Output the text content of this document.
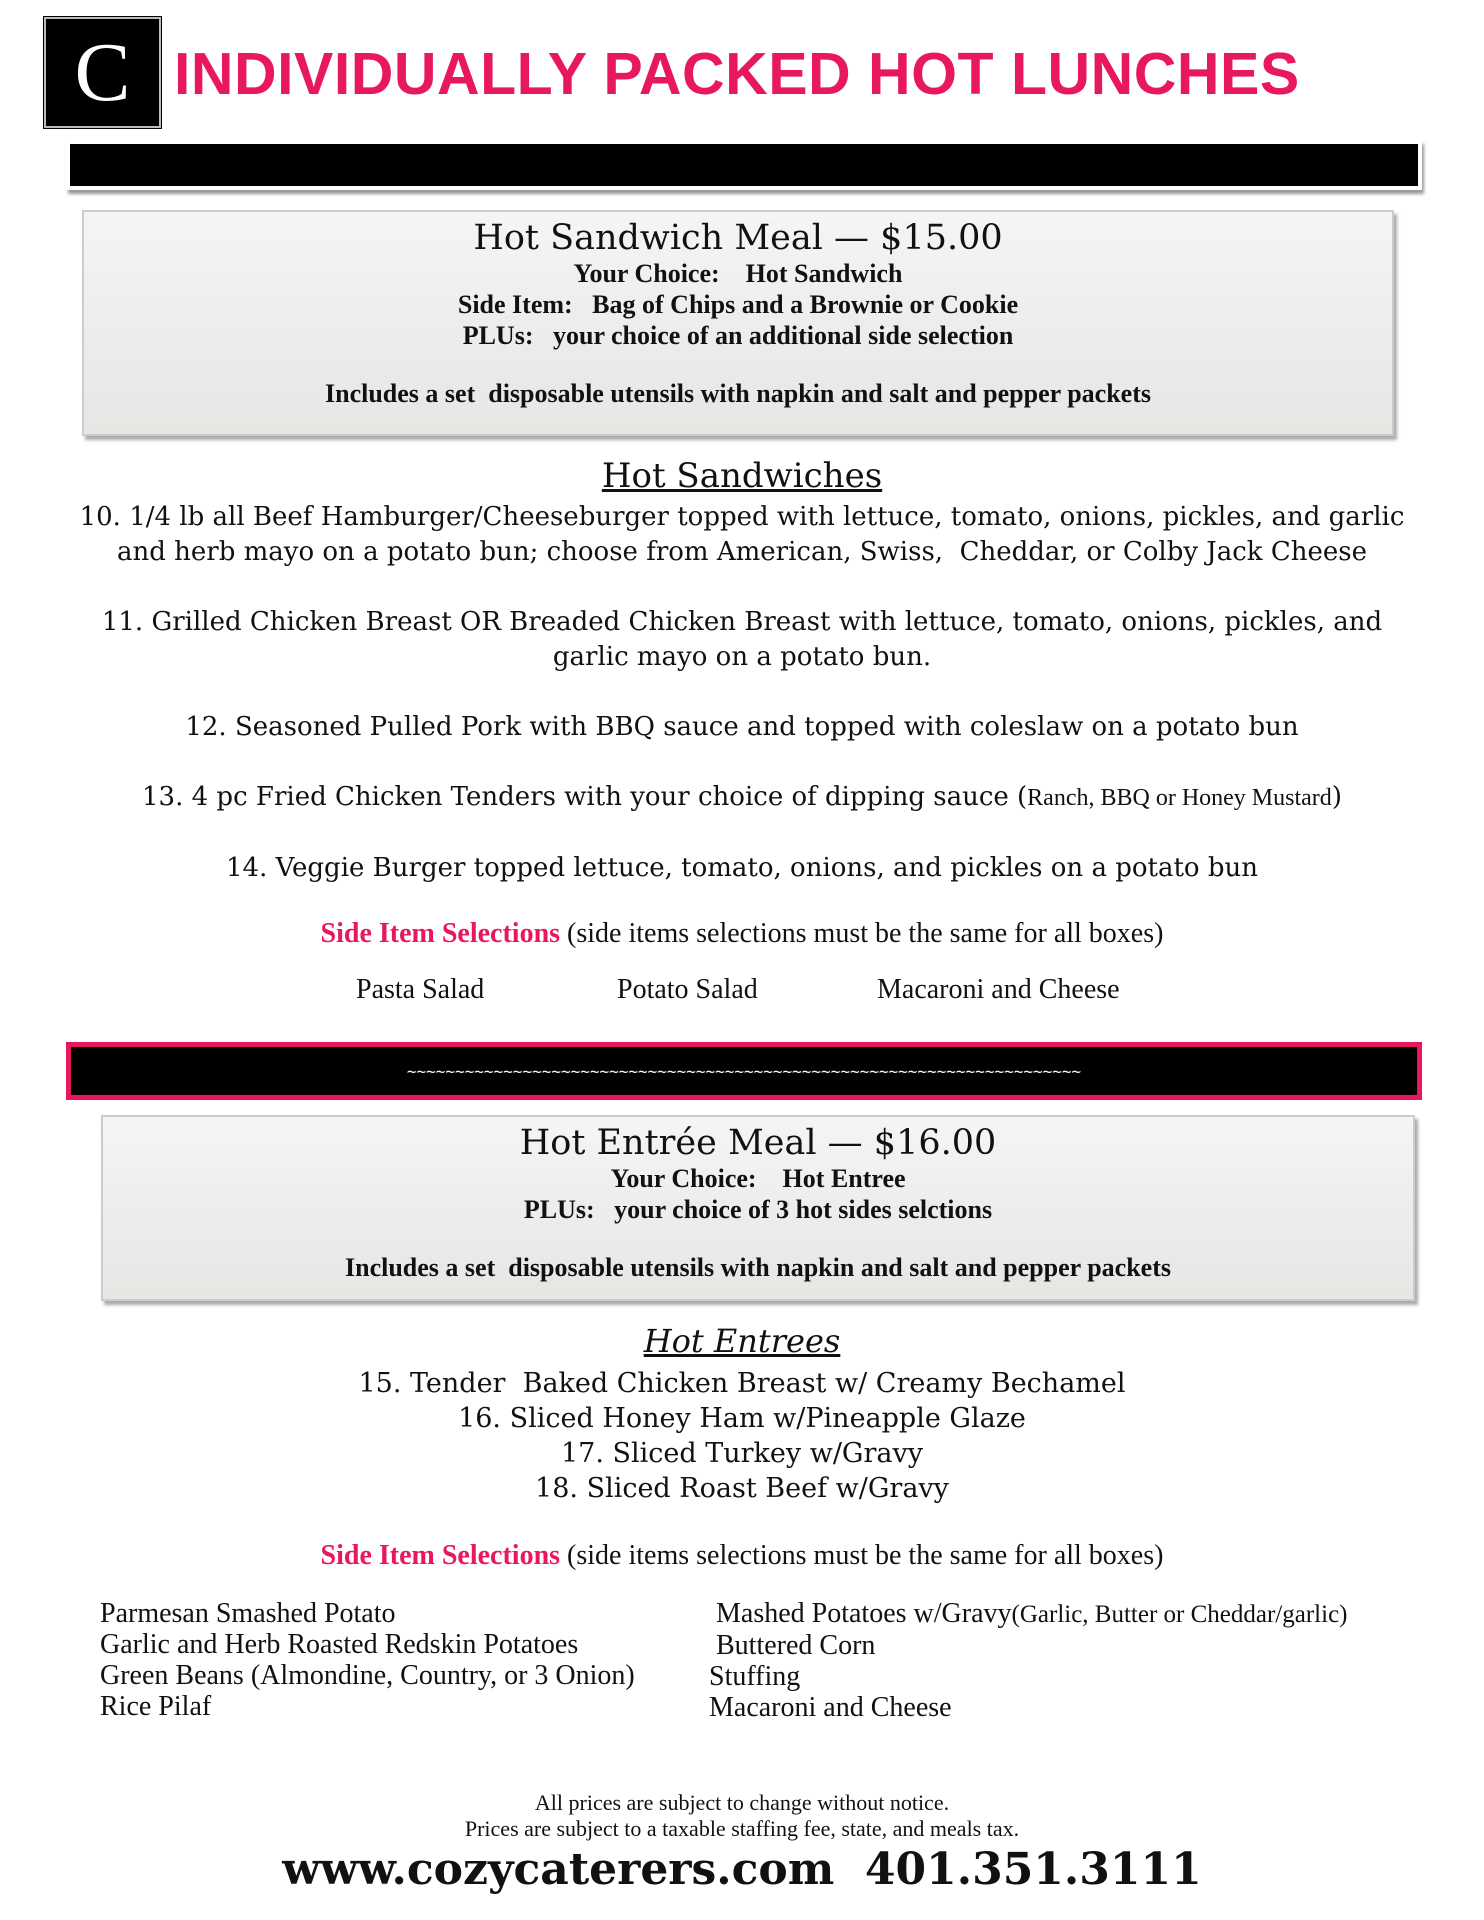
C INDIVIDUALLY PACKED HOT LUNCHES
Hot Sandwich Meal — $15.00
Your Choice:    Hot Sandwich
Side Item:   Bag of Chips and a Brownie or Cookie
PLUs:   your choice of an additional side selection
Includes a set  disposable utensils with napkin and salt and pepper packets
Hot Sandwiches
10. 1/4 lb all Beef Hamburger/Cheeseburger topped with lettuce, tomato, onions, pickles, and garlic
and herb mayo on a potato bun; choose from American, Swiss,  Cheddar, or Colby Jack Cheese
11. Grilled Chicken Breast OR Breaded Chicken Breast with lettuce, tomato, onions, pickles, and
garlic mayo on a potato bun.
12. Seasoned Pulled Pork with BBQ sauce and topped with coleslaw on a potato bun
13. 4 pc Fried Chicken Tenders with your choice of dipping sauce (Ranch, BBQ or Honey Mustard)
14. Veggie Burger topped lettuce, tomato, onions, and pickles on a potato bun
Side Item Selections (side items selections must be the same for all boxes)
Pasta Salad	Potato Salad	Macaroni and Cheese
~~~~~~~~~~~~~~~~~~~~~~~~~~~~~~~~~~~~~~~~~~~~~~~~~~~~~~~~~~~~~~~~~~~~~~
Hot Entrée Meal — $16.00
Your Choice:    Hot Entree
PLUs:   your choice of 3 hot sides selctions
Includes a set  disposable utensils with napkin and salt and pepper packets
Hot Entrees
15. Tender  Baked Chicken Breast w/ Creamy Bechamel
16. Sliced Honey Ham w/Pineapple Glaze
17. Sliced Turkey w/Gravy
18. Sliced Roast Beef w/Gravy
Side Item Selections (side items selections must be the same for all boxes)
Parmesan Smashed Potato
Garlic and Herb Roasted Redskin Potatoes
Green Beans (Almondine, Country, or 3 Onion)
Rice Pilaf
Mashed Potatoes w/Gravy(Garlic, Butter or Cheddar/garlic)
Buttered Corn
Stuffing
Macaroni and Cheese
All prices are subject to change without notice.
Prices are subject to a taxable staffing fee, state, and meals tax.
www.cozycaterers.com  401.351.3111
